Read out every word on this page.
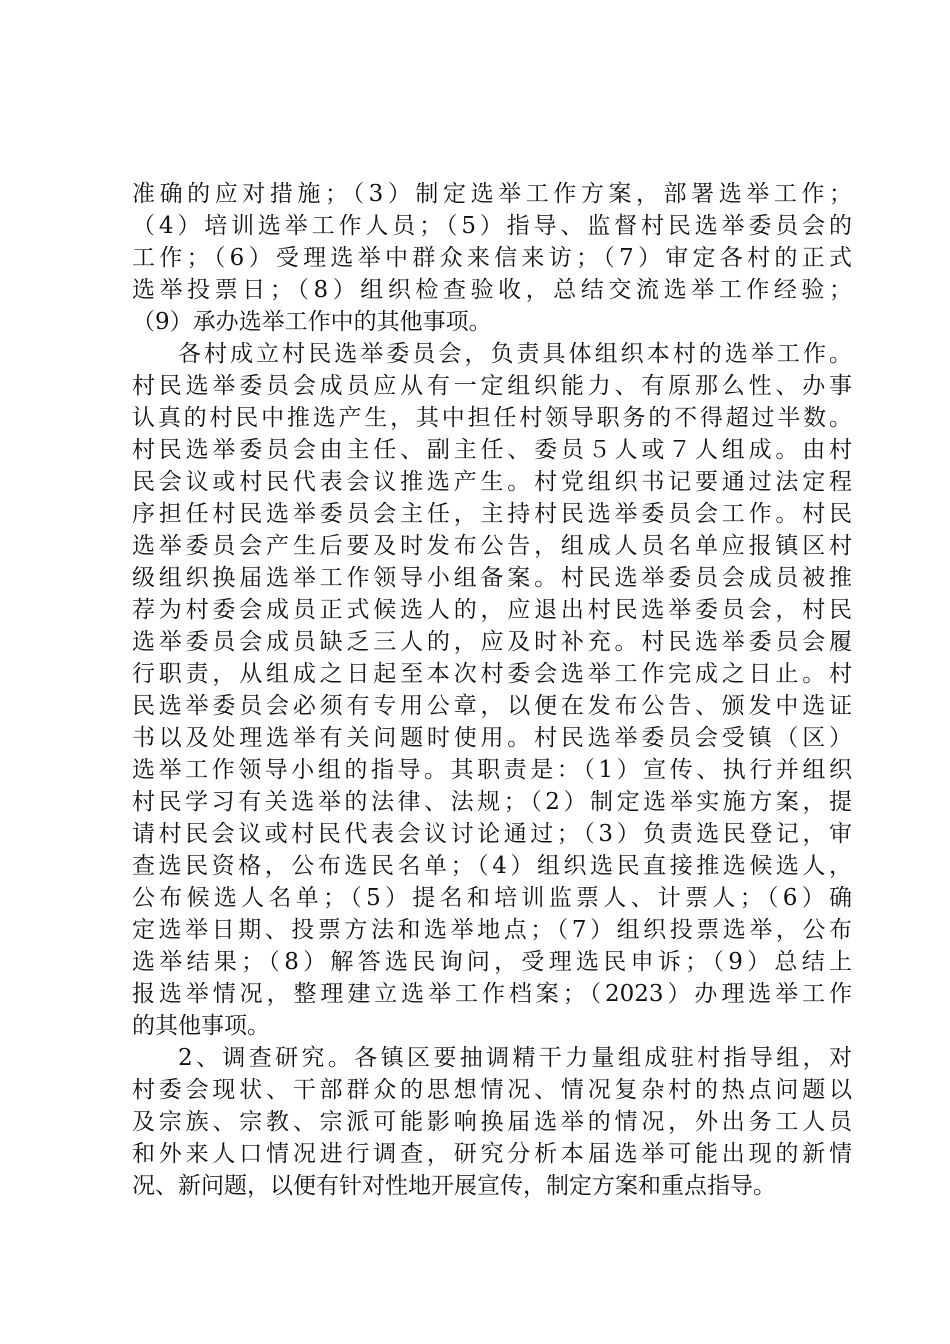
准确的应对措施；（3）制定选举工作方案，部署选举工作；
（4）培训选举工作人员；（5）指导、监督村民选举委员会的
工作；（6）受理选举中群众来信来访；（7）审定各村的正式
选举投票日；（8）组织检查验收，总结交流选举工作经验；
（9）承办选举工作中的其他事项。
各村成立村民选举委员会，负责具体组织本村的选举工作。
村民选举委员会成员应从有一定组织能力、有原那么性、办事
认真的村民中推选产生，其中担任村领导职务的不得超过半数。
村民选举委员会由主任、副主任、委员５人或７人组成。由村
民会议或村民代表会议推选产生。村党组织书记要通过法定程
序担任村民选举委员会主任，主持村民选举委员会工作。村民
选举委员会产生后要及时发布公告，组成人员名单应报镇区村
级组织换届选举工作领导小组备案。村民选举委员会成员被推
荐为村委会成员正式候选人的，应退出村民选举委员会，村民
选举委员会成员缺乏三人的，应及时补充。村民选举委员会履
行职责，从组成之日起至本次村委会选举工作完成之日止。村
民选举委员会必须有专用公章，以便在发布公告、颁发中选证
书以及处理选举有关问题时使用。村民选举委员会受镇（区）
选举工作领导小组的指导。其职责是：（1）宣传、执行并组织
村民学习有关选举的法律、法规；（2）制定选举实施方案，提
请村民会议或村民代表会议讨论通过；（3）负责选民登记，审
查选民资格，公布选民名单；（4）组织选民直接推选候选人，
公布候选人名单；（5）提名和培训监票人、计票人；（6）确
定选举日期、投票方法和选举地点；（7）组织投票选举，公布
选举结果；（8）解答选民询问，受理选民申诉；（9）总结上
报选举情况，整理建立选举工作档案；（2023）办理选举工作
的其他事项。
2、调查研究。各镇区要抽调精干力量组成驻村指导组，对
村委会现状、干部群众的思想情况、情况复杂村的热点问题以
及宗族、宗教、宗派可能影响换届选举的情况，外出务工人员
和外来人口情况进行调查，研究分析本届选举可能出现的新情
况、新问题，以便有针对性地开展宣传，制定方案和重点指导。
